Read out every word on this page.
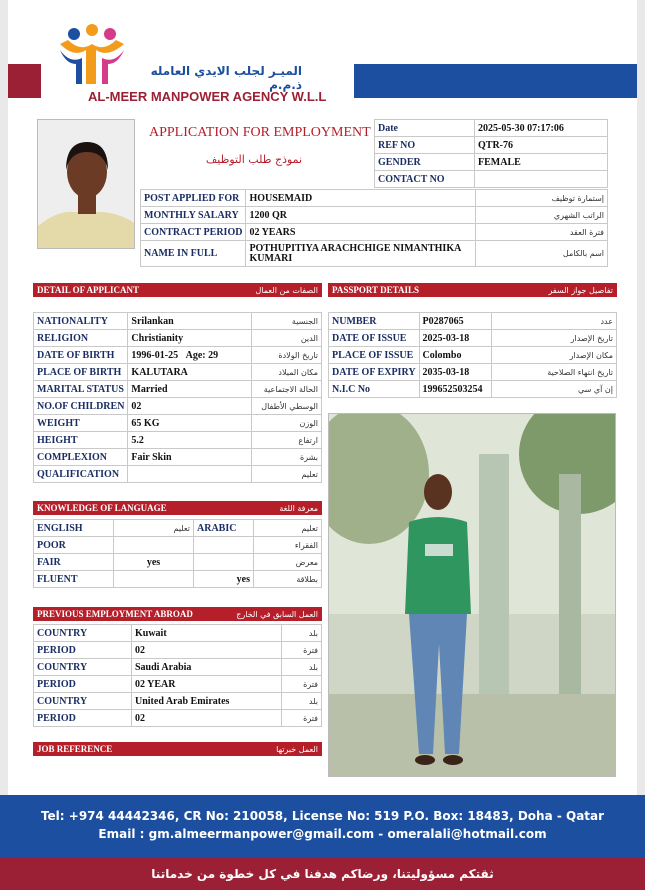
الميـر لجلب الايدي العامله ذ.م.م
AL-MEER MANPOWER AGENCY W.L.L
APPLICATION FOR EMPLOYMENT
نموذج طلب التوظيف
Date	2025-05-30 07:17:06
REF NO	QTR-76
GENDER	FEMALE
CONTACT NO	
POST APPLIED FOR	HOUSEMAID	إستمارة توظيف
MONTHLY SALARY	1200 QR	الراتب الشهري
CONTRACT PERIOD	02 YEARS	فترة العقد
NAME IN FULL	POTHUPITIYA ARACHCHIGE NIMANTHIKA KUMARI	اسم بالكامل
DETAIL OF APPLICANT	الصفات من العمال
NATIONALITY	Srilankan	الجنسية
RELIGION	Christianity	الدين
DATE OF BIRTH	1996-01-25 Age: 29	تاريخ الولادة
PLACE OF BIRTH	KALUTARA	مكان الميلاد
MARITAL STATUS	Married	الحالة الاجتماعية
NO.OF CHILDREN	02	الوسطي الأطفال
WEIGHT	65 KG	الوزن
HEIGHT	5.2	ارتفاع
COMPLEXION	Fair Skin	بشرة
QUALIFICATION		تعليم
PASSPORT DETAILS	تفاصيل جواز السفر
NUMBER	P0287065	عدد
DATE OF ISSUE	2025-03-18	تاريخ الإصدار
PLACE OF ISSUE	Colombo	مكان الإصدار
DATE OF EXPIRY	2035-03-18	تاريخ انتهاء الصلاحية
N.I.C No	199652503254	إن آي سي
KNOWLEDGE OF LANGUAGE	معرفة اللغة
ENGLISH	تعليم	ARABIC	تعليم
POOR			الفقراء
FAIR	yes		معرض
FLUENT		yes	بطلاقة
PREVIOUS EMPLOYMENT ABROAD	العمل السابق في الخارج
COUNTRY	Kuwait	بلد
PERIOD	02	فترة
COUNTRY	Saudi Arabia	بلد
PERIOD	02 YEAR	فترة
COUNTRY	United Arab Emirates	بلد
PERIOD	02	فترة
JOB REFERENCE	العمل خبرتها
Tel: +974 44442346, CR No: 210058, License No: 519 P.O. Box: 18483, Doha - Qatar
Email : gm.almeermanpower@gmail.com - omeralali@hotmail.com
ثقتكم مسؤوليتنا، ورضاكم هدفنا في كل خطوة من خدماتنا
